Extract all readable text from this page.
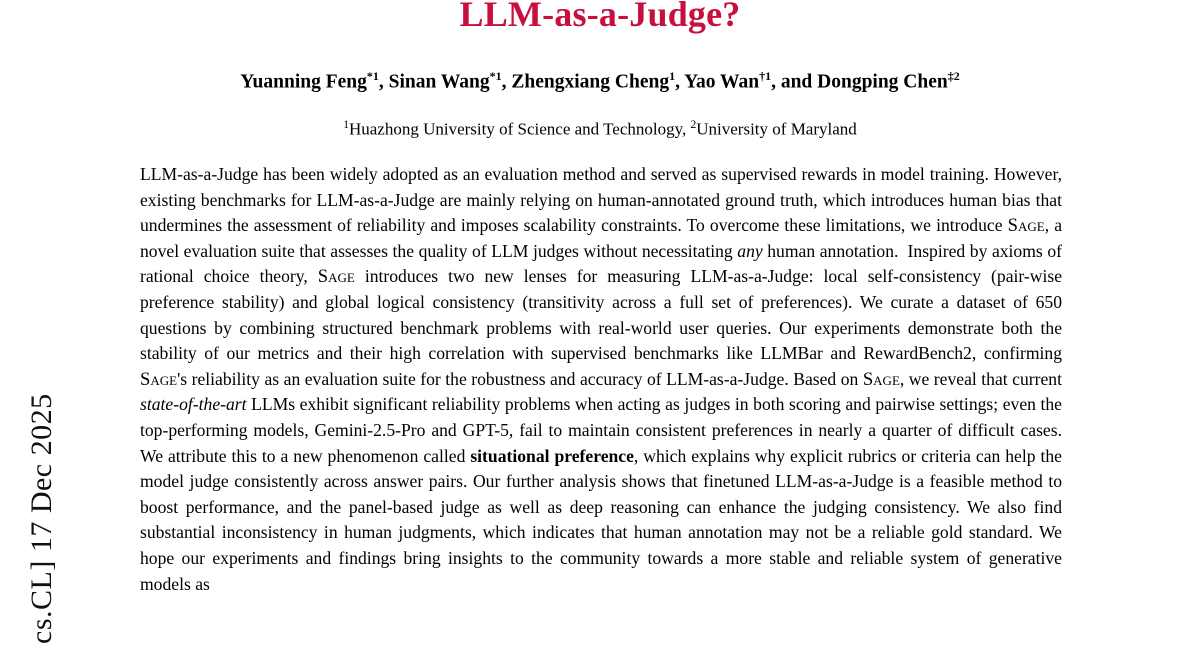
cs.CL] 17 Dec 2025
LLM-as-a-Judge?
Yuanning Feng$^{*1}$, Sinan Wang$^{*1}$, Zhengxiang Cheng$^1$, Yao Wan$^{\dagger 1}$, and Dongping Chen$^{\ddagger 2}$
$^1$Huazhong University of Science and Technology, $^2$University of Maryland
LLM-as-a-Judge has been widely adopted as an evaluation method and served as supervised rewards in model training. However, existing benchmarks for LLM-as-a-Judge are mainly relying on human-annotated ground truth, which introduces human bias that undermines the assessment of reliability and imposes scalability constraints. To overcome these limitations, we introduce Sage, a novel evaluation suite that assesses the quality of LLM judges without necessitating any human annotation.  Inspired by axioms of rational choice theory, Sage introduces two new lenses for measuring LLM-as-a-Judge: local self-consistency (pair-wise preference stability) and global logical consistency (transitivity across a full set of preferences). We curate a dataset of 650 questions by combining structured benchmark problems with real-world user queries. Our experiments demonstrate both the stability of our metrics and their high correlation with supervised benchmarks like LLMBar and RewardBench2, confirming Sage's reliability as an evaluation suite for the robustness and accuracy of LLM-as-a-Judge. Based on Sage, we reveal that current state-of-the-art LLMs exhibit significant reliability problems when acting as judges in both scoring and pairwise settings; even the top-performing models, Gemini-2.5-Pro and GPT-5, fail to maintain consistent preferences in nearly a quarter of difficult cases. We attribute this to a new phenomenon called situational preference, which explains why explicit rubrics or criteria can help the model judge consistently across answer pairs. Our further analysis shows that finetuned LLM-as-a-Judge is a feasible method to boost performance, and the panel-based judge as well as deep reasoning can enhance the judging consistency. We also find substantial inconsistency in human judgments, which indicates that human annotation may not be a reliable gold standard. We hope our experiments and findings bring insights to the community towards a more stable and reliable system of generative models as
